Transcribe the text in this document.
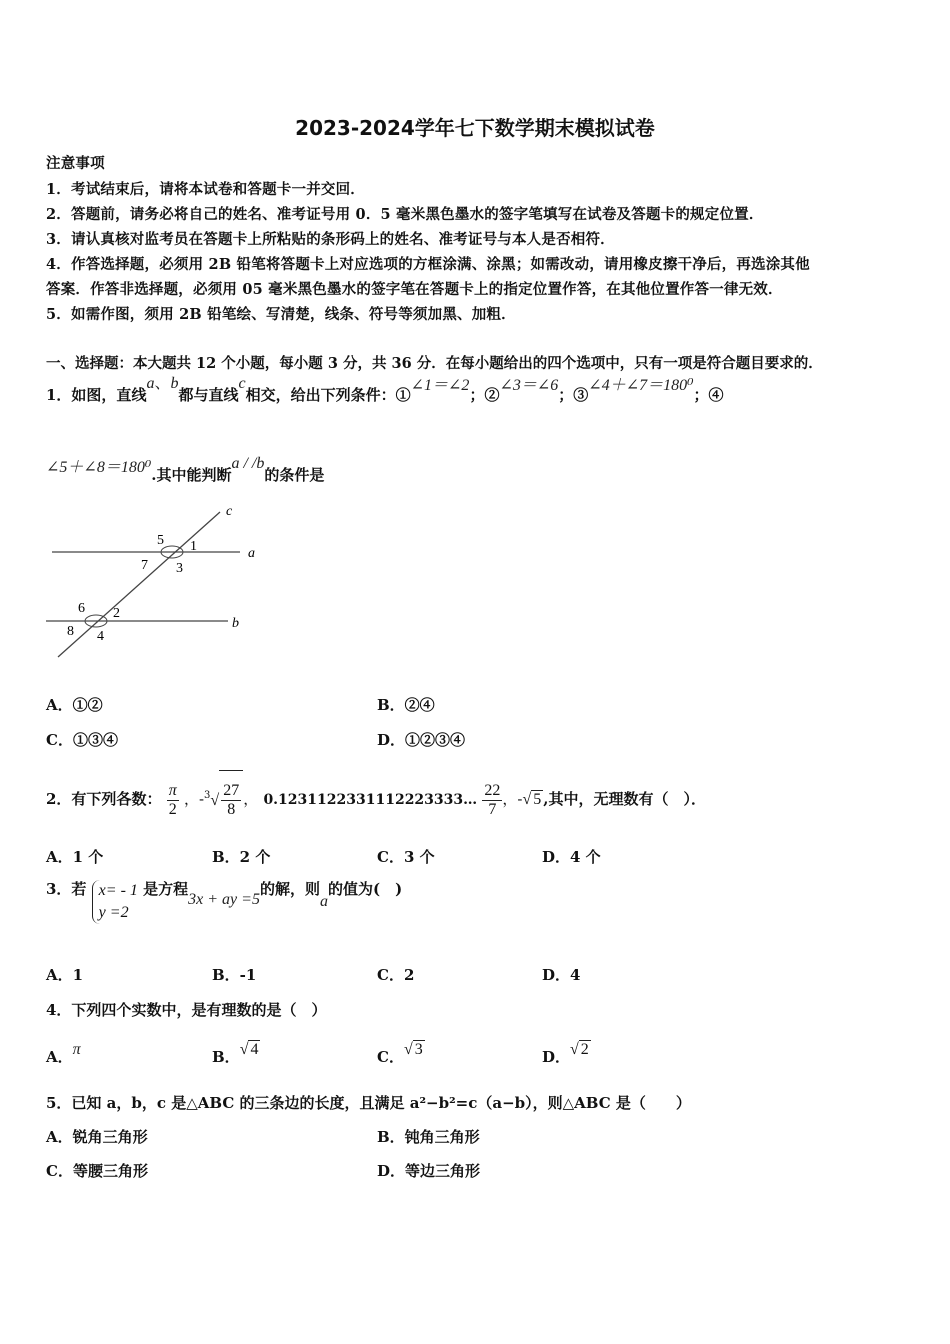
2023-2024学年七下数学期末模拟试卷
注意事项
1．考试结束后，请将本试卷和答题卡一并交回．
2．答题前，请务必将自己的姓名、准考证号用 0．5 毫米黑色墨水的签字笔填写在试卷及答题卡的规定位置．
3．请认真核对监考员在答题卡上所粘贴的条形码上的姓名、准考证号与本人是否相符．
4．作答选择题，必须用 2B 铅笔将答题卡上对应选项的方框涂满、涂黑；如需改动，请用橡皮擦干净后，再选涂其他
答案．作答非选择题，必须用 05 毫米黑色墨水的签字笔在答题卡上的指定位置作答，在其他位置作答一律无效．
5．如需作图，须用 2B 铅笔绘、写清楚，线条、符号等须加黑、加粗．
一、选择题：本大题共 12 个小题，每小题 3 分，共 36 分．在每小题给出的四个选项中，只有一项是符合题目要求的．
1．如图，直线a、b都与直线c相交，给出下列条件：①∠1＝∠2；②∠3＝∠6；③∠4＋∠7＝180⁰；④
∠5＋∠8＝180⁰.其中能判断a / /b的条件是
c
a
b
1
2
3
4
5
6
7
8
A．①②	B．②④
C．①③④	D．①②③④
2．有下列各数： $\frac{\pi}{2}$ ，$-^3√ \frac{27}{8}$ ， 0.1231122331112223333… $\frac{22}{7}$ ，-√ 5 ,其中，无理数有（　）．
A．1 个	B．2 个	C．3 个	D．4 个
3．若 x= - 1
y =2
是方程3x + ay =5的解，则a的值为(　)
A．1	B．-1	C．2	D．4
4．下列四个实数中，是有理数的是（　）
A．π	B．√ 4	C．√ 3	D．√ 2
5．已知 a，b，c 是△ABC 的三条边的长度，且满足 a²−b²=c（a−b），则△ABC 是（　　）
A．锐角三角形	B．钝角三角形
C．等腰三角形	D．等边三角形
